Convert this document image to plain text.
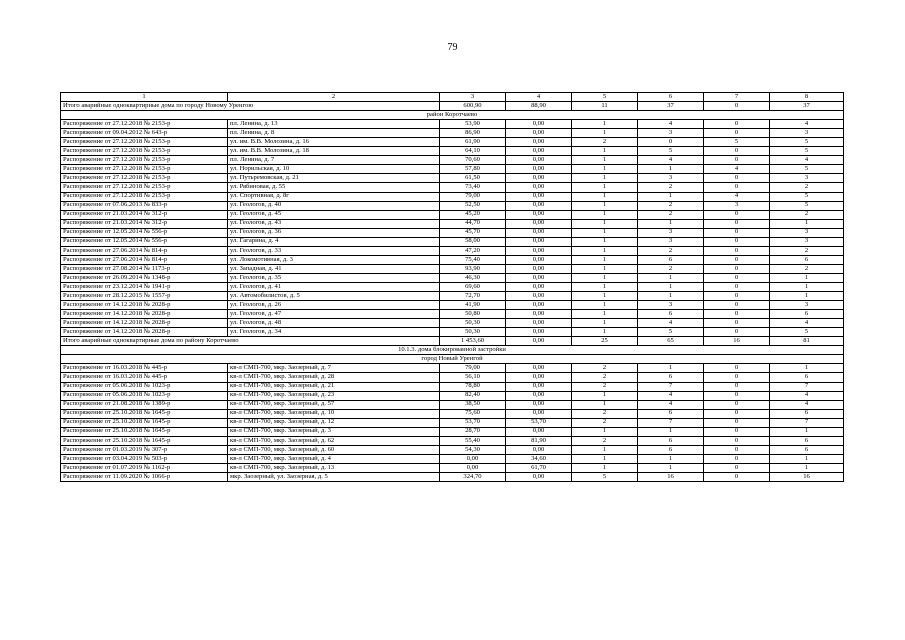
79
1	2	3	4	5	6	7	8
Итого аварийные одноквартирные дома по городу Новому Уренгою		600,90	88,90	11	37	0	37
район Коротчаево							
Распоряжение от 27.12.2018 № 2153-р	пл. Ленина, д. 13	53,90	0,00	1	4	0	4
Распоряжение от 09.04.2012 № 643-р	пл. Ленина, д. 8	86,90	0,00	1	3	0	3
Распоряжение от 27.12.2018 № 2153-р	ул. им. В.В. Молозина, д. 16	61,90	0,00	2	0	5	5
Распоряжение от 27.12.2018 № 2153-р	ул. им. В.В. Молозина, д. 18	64,10	0,00	1	5	0	5
Распоряжение от 27.12.2018 № 2153-р	пл. Ленина, д. 7	70,60	0,00	1	4	0	4
Распоряжение от 27.12.2018 № 2153-р	ул. Норильская, д. 10	57,80	0,00	1	1	4	5
Распоряжение от 27.12.2018 № 2153-р	ул. Путьремовская, д. 21	61,50	0,00	1	3	0	3
Распоряжение от 27.12.2018 № 2153-р	ул. Рябиновая, д. 55	73,40	0,00	1	2	0	2
Распоряжение от 27.12.2018 № 2153-р	ул. Спортивная, д. 8г	79,00	0,00	1	1	4	5
Распоряжение от 07.06.2013 № 833-р	ул. Геологов, д. 40	52,50	0,00	1	2	3	5
Распоряжение от 21.03.2014 № 312-р	ул. Геологов, д. 45	45,20	0,00	1	2	0	2
Распоряжение от 21.03.2014 № 312-р	ул. Геологов, д. 43	44,70	0,00	1	1	0	1
Распоряжение от 12.05.2014 № 556-р	ул. Геологов, д. 36	45,70	0,00	1	3	0	3
Распоряжение от 12.05.2014 № 556-р	ул. Гагарина, д. 4	58,00	0,00	1	3	0	3
Распоряжение от 27.06.2014 № 814-р	ул. Геологов, д. 33	47,20	0,00	1	2	0	2
Распоряжение от 27.06.2014 № 814-р	ул. Локомотивная, д. 3	75,40	0,00	1	6	0	6
Распоряжение от 27.08.2014 № 1173-р	ул. Западная, д. 41	93,90	0,00	1	2	0	2
Распоряжение от 26.09.2014 № 1348-р	ул. Геологов, д. 35	46,30	0,00	1	1	0	1
Распоряжение от 23.12.2014 № 1941-р	ул. Геологов, д. 41	69,60	0,00	1	1	0	1
Распоряжение от 28.12.2015 № 1557-р	ул. Автомобилистов, д. 5	72,70	0,00	1	1	0	1
Распоряжение от 14.12.2018 № 2028-р	ул. Геологов, д. 26	41,90	0,00	1	3	0	3
Распоряжение от 14.12.2018 № 2028-р	ул. Геологов, д. 47	50,80	0,00	1	6	0	6
Распоряжение от 14.12.2018 № 2028-р	ул. Геологов, д. 48	50,30	0,00	1	4	0	4
Распоряжение от 14.12.2018 № 2028-р	ул. Геологов, д. 34	50,30	0,00	1	5	0	5
Итого аварийные одноквартирные дома по району Коротчаево		1 453,60	0,00	25	65	16	81
10.1.3. дома блокированной застройки							
город Новый Уренгой							
Распоряжение от 16.03.2018 № 445-р	кв-л СМП-700, мкр. Заозерный, д. 7	79,00	0,00	2	1	0	1
Распоряжение от 16.03.2018 № 445-р	кв-л СМП-700, мкр. Заозерный, д. 28	56,10	0,00	2	6	0	6
Распоряжение от 05.06.2018 № 1023-р	кв-л СМП-700, мкр. Заозерный, д. 21	78,80	0,00	2	7	0	7
Распоряжение от 05.06.2018 № 1023-р	кв-л СМП-700, мкр. Заозерный, д. 23	82,40	0,00	1	4	0	4
Распоряжение от 21.08.2018 № 1389-р	кв-л СМП-700, мкр. Заозерный, д. 57	38,50	0,00	1	4	0	4
Распоряжение от 25.10.2018 № 1645-р	кв-л СМП-700, мкр. Заозерный, д. 10	75,60	0,00	2	6	0	6
Распоряжение от 25.10.2018 № 1645-р	кв-л СМП-700, мкр. Заозерный, д. 12	53,70	53,70	2	7	0	7
Распоряжение от 25.10.2018 № 1645-р	кв-л СМП-700, мкр. Заозерный, д. 3	28,70	0,00	1	1	0	1
Распоряжение от 25.10.2018 № 1645-р	кв-л СМП-700, мкр. Заозерный, д. 62	55,40	81,90	2	6	0	6
Распоряжение от 01.03.2019 № 307-р	кв-л СМП-700, мкр. Заозерный, д. 60	54,30	0,00	1	6	0	6
Распоряжение от 03.04.2019 № 503-р	кв-л СМП-700, мкр. Заозерный, д. 4	0,00	34,60	1	1	0	1
Распоряжение от 01.07.2019 № 1162-р	кв-л СМП-700, мкр. Заозерный, д. 13	0,00	61,70	1	1	0	1
Распоряжение от 11.09.2020 № 1066-р	мкр. Заозерный, ул. Заозерная, д. 5	324,70	0,00	5	16	0	16
